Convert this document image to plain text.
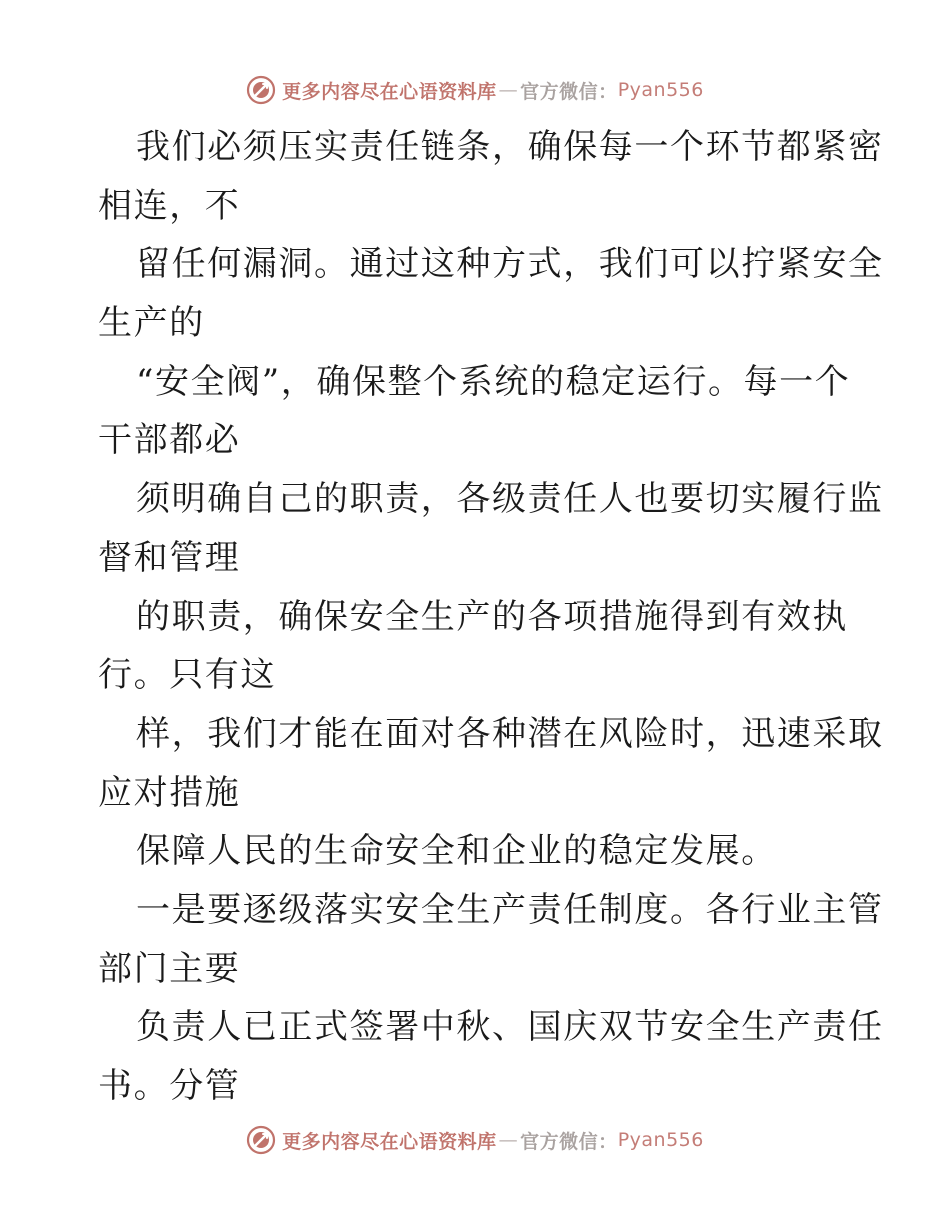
更多内容尽在心语资料库 — 官方微信： Pyan556
我们必须压实责任链条，确保每一个环节都紧密
相连，不
留任何漏洞。通过这种方式，我们可以拧紧安全
生产的
“安全阀”，确保整个系统的稳定运行。每一个
干部都必
须明确自己的职责，各级责任人也要切实履行监
督和管理
的职责，确保安全生产的各项措施得到有效执
行。只有这
样，我们才能在面对各种潜在风险时，迅速采取
应对措施
保障人民的生命安全和企业的稳定发展。
一是要逐级落实安全生产责任制度。各行业主管
部门主要
负责人已正式签署中秋、国庆双节安全生产责任
书。分管
更多内容尽在心语资料库 — 官方微信： Pyan556
